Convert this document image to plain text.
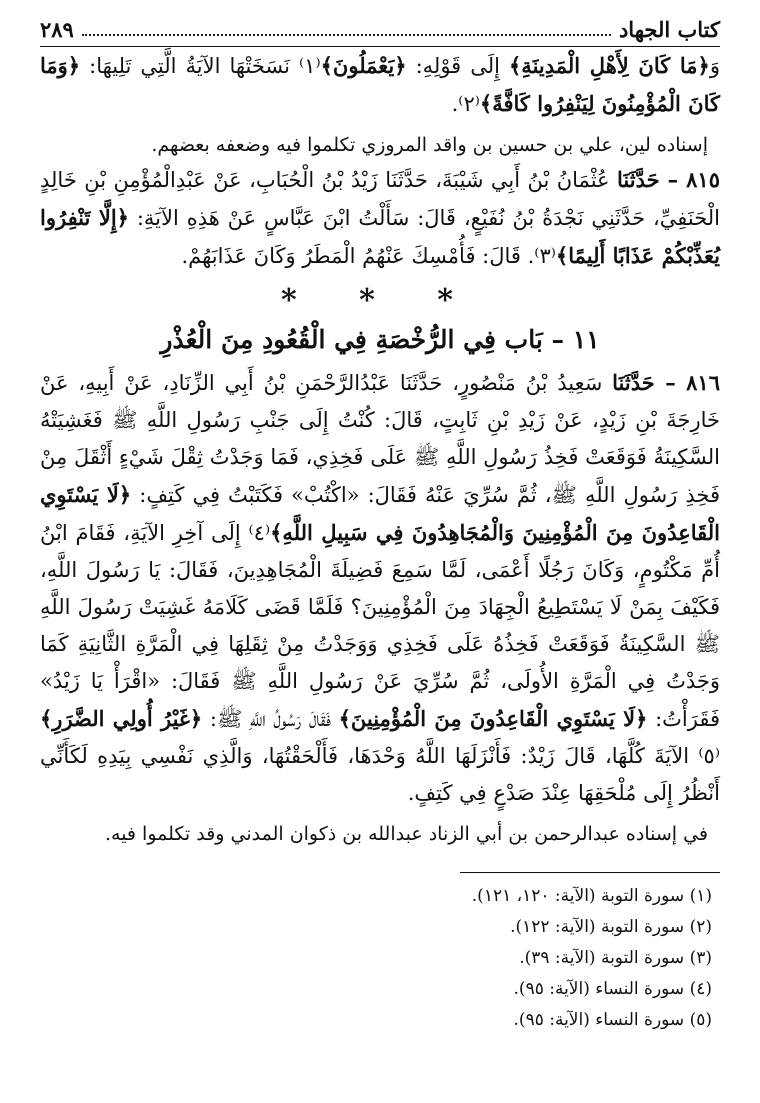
كتاب الجهاد
٢٨٩

وَ﴿مَا كَانَ لِأَهْلِ الْمَدِينَةِ﴾ إِلَى قَوْلِهِ: ﴿يَعْمَلُونَ﴾⁽١⁾ نَسَخَتْهَا الآيَةُ الَّتِي تَلِيهَا: ﴿وَمَا كَانَ الْمُؤْمِنُونَ لِيَنْفِرُوا كَافَّةً﴾⁽٢⁾.

إسناده لين، علي بن حسين بن واقد المروزي تكلموا فيه وضعفه بعضهم.

٨١٥ – حَدَّثَنَا عُثْمَانُ بْنُ أَبِي شَيْبَةَ، حَدَّثَنَا زَيْدُ بْنُ الْحُبَابِ، عَنْ عَبْدِالْمُؤْمِنِ بْنِ خَالِدٍ الْحَنَفِيِّ، حَدَّثَنِي نَجْدَةُ بْنُ نُفَيْعٍ، قَالَ: سَأَلْتُ ابْنَ عَبَّاسٍ عَنْ هَذِهِ الآيَةِ: ﴿إِلَّا تَنْفِرُوا يُعَذِّبْكُمْ عَذَابًا أَلِيمًا﴾⁽٣⁾. قَالَ: فَأُمْسِكَ عَنْهُمُ الْمَطَرُ وَكَانَ عَذَابَهُمْ.

* * *
١١ – بَاب فِي الرُّخْصَةِ فِي الْقُعُودِ مِنَ الْعُذْرِ

٨١٦ – حَدَّثَنَا سَعِيدُ بْنُ مَنْصُورٍ، حَدَّثَنَا عَبْدُالرَّحْمَنِ بْنُ أَبِي الزِّنَادِ، عَنْ أَبِيهِ، عَنْ خَارِجَةَ بْنِ زَيْدٍ، عَنْ زَيْدِ بْنِ ثَابِتٍ، قَالَ: كُنْتُ إِلَى جَنْبِ رَسُولِ اللَّهِ ﷺ فَغَشِيَتْهُ السَّكِينَةُ فَوَقَعَتْ فَخِذُ رَسُولِ اللَّهِ ﷺ عَلَى فَخِذِي، فَمَا وَجَدْتُ ثِقْلَ شَيْءٍ أَثْقَلَ مِنْ فَخِذِ رَسُولِ اللَّهِ ﷺ، ثُمَّ سُرِّيَ عَنْهُ فَقَالَ: «اكْتُبْ» فَكَتَبْتُ فِي كَتِفٍ: ﴿لَا يَسْتَوِي الْقَاعِدُونَ مِنَ الْمُؤْمِنِينَ وَالْمُجَاهِدُونَ فِي سَبِيلِ اللَّهِ﴾⁽٤⁾ إِلَى آخِرِ الآيَةِ، فَقَامَ ابْنُ أُمِّ مَكْتُومٍ، وَكَانَ رَجُلًا أَعْمَى، لَمَّا سَمِعَ فَضِيلَةَ الْمُجَاهِدِينَ، فَقَالَ: يَا رَسُولَ اللَّهِ، فَكَيْفَ بِمَنْ لَا يَسْتَطِيعُ الْجِهَادَ مِنَ الْمُؤْمِنِينَ؟ فَلَمَّا قَضَى كَلَامَهُ غَشِيَتْ رَسُولَ اللَّهِ ﷺ السَّكِينَةُ فَوَقَعَتْ فَخِذُهُ عَلَى فَخِذِي وَوَجَدْتُ مِنْ ثِقَلِهَا فِي الْمَرَّةِ الثَّانِيَةِ كَمَا وَجَدْتُ فِي الْمَرَّةِ الأُولَى، ثُمَّ سُرِّيَ عَنْ رَسُولِ اللَّهِ ﷺ فَقَالَ: «اقْرَأْ يَا زَيْدُ» فَقَرَأْتُ: ﴿لَا يَسْتَوِي الْقَاعِدُونَ مِنَ الْمُؤْمِنِينَ﴾ فَقَالَ رَسُولُ اللَّهِ ﷺ: ﴿غَيْرُ أُولِي الضَّرَرِ﴾⁽٥⁾ الآيَةَ كُلَّهَا، قَالَ زَيْدٌ: فَأَنْزَلَهَا اللَّهُ وَحْدَهَا، فَأَلْحَقْتُهَا، وَالَّذِي نَفْسِي بِيَدِهِ لَكَأَنِّي أَنْظُرُ إِلَى مُلْحَقِهَا عِنْدَ صَدْعٍ فِي كَتِفٍ.

في إسناده عبدالرحمن بن أبي الزناد عبدالله بن ذكوان المدني وقد تكلموا فيه.

(١) سورة التوبة (الآية: ١٢٠، ١٢١).
(٢) سورة التوبة (الآية: ١٢٢).
(٣) سورة التوبة (الآية: ٣٩).
(٤) سورة النساء (الآية: ٩٥).
(٥) سورة النساء (الآية: ٩٥).
